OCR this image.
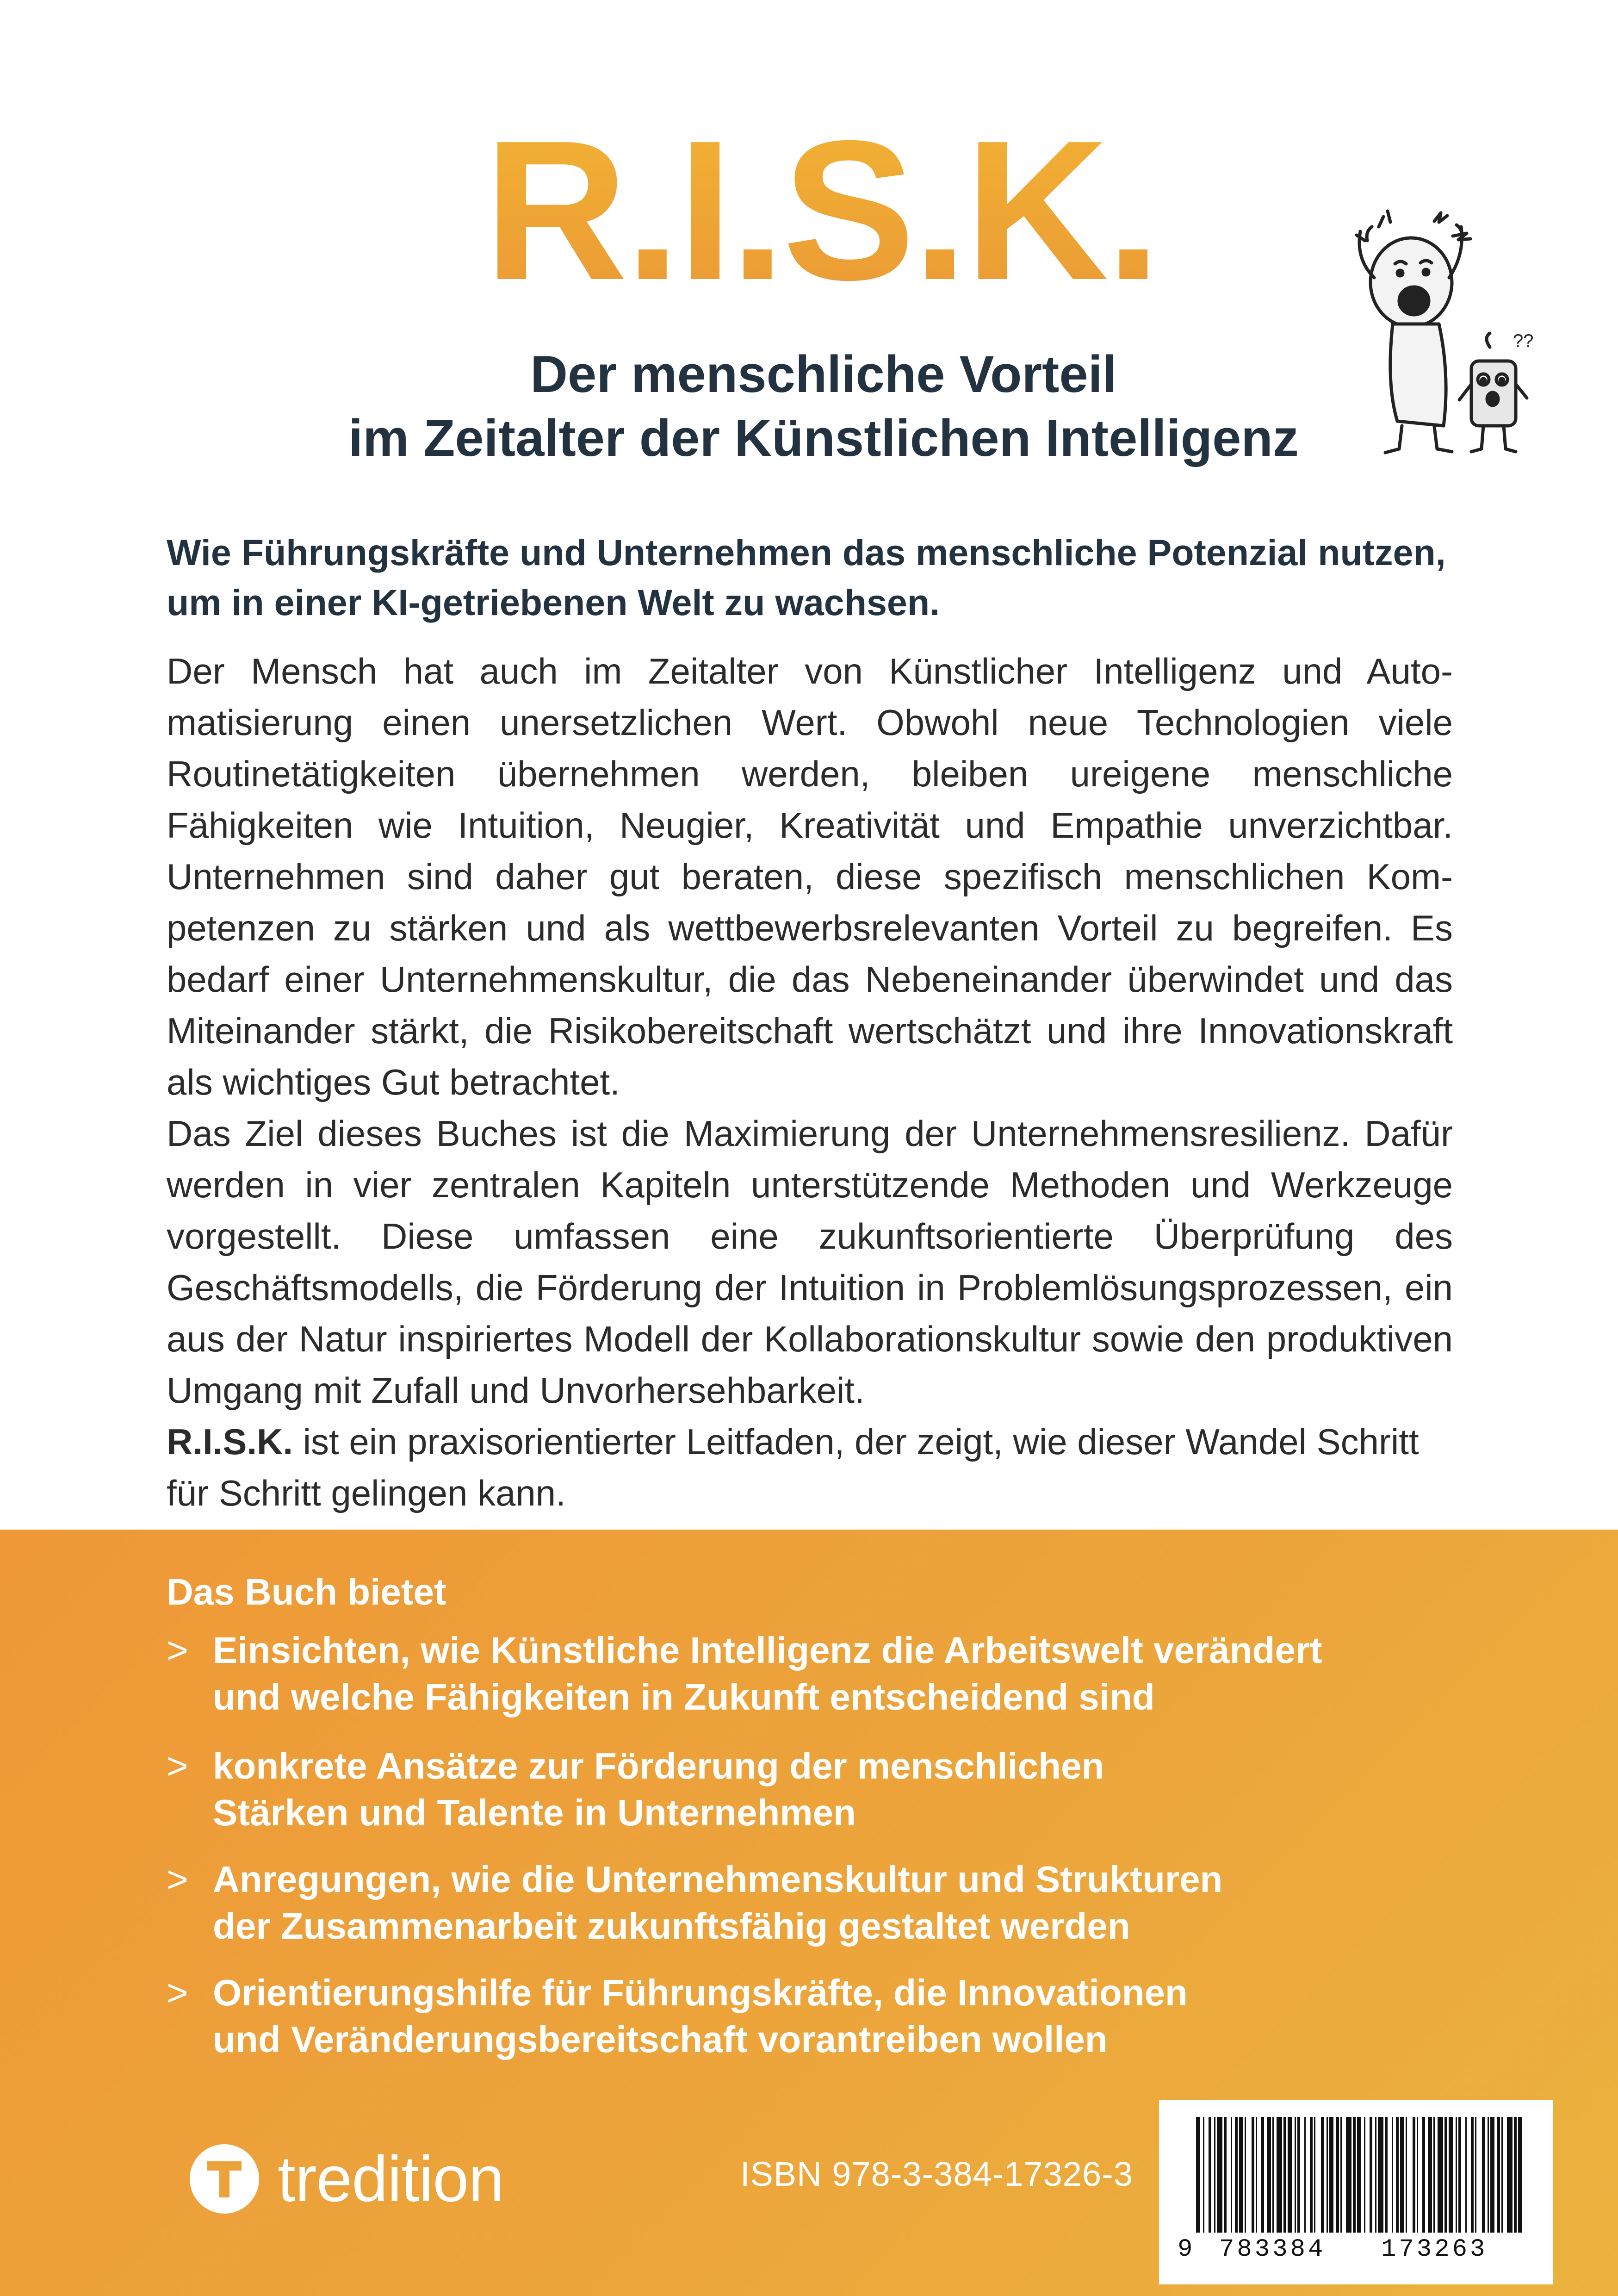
R.I.S.K.
Der menschliche Vorteil
im Zeitalter der Künstlichen Intelligenz
??
Wie Führungskräfte und Unternehmen das menschliche Potenzial nutzen,
um in einer KI-getriebenen Welt zu wachsen.

Der Mensch hat auch im Zeitalter von Künstlicher Intelligenz und Automatisierung einen unersetzlichen Wert. Obwohl neue Technologien viele Routinetätigkeiten übernehmen werden, bleiben ureigene menschliche Fähigkeiten wie Intuition, Neugier, Kreativität und Empathie unverzichtbar. Unternehmen sind daher gut beraten, diese spezifisch menschlichen Kompetenzen zu stärken und als wettbewerbsrelevanten Vorteil zu begreifen. Es bedarf einer Unternehmenskultur, die das Nebeneinander überwindet und das Miteinander stärkt, die Risikobereitschaft wertschätzt und ihre Innovationskraft als wichtiges Gut betrachtet.

Das Ziel dieses Buches ist die Maximierung der Unternehmensresilienz. Dafür werden in vier zentralen Kapiteln unterstützende Methoden und Werkzeuge vorgestellt. Diese umfassen eine zukunftsorientierte Überprüfung des Geschäftsmodells, die Förderung der Intuition in Problemlösungsprozessen, ein aus der Natur inspiriertes Modell der Kollaborationskultur sowie den produktiven Umgang mit Zufall und Unvorhersehbarkeit.

R.I.S.K. ist ein praxisorientierter Leitfaden, der zeigt, wie dieser Wandel Schritt für Schritt gelingen kann.

Das Buch bietet
> Einsichten, wie Künstliche Intelligenz die Arbeitswelt verändert
und welche Fähigkeiten in Zukunft entscheidend sind
> konkrete Ansätze zur Förderung der menschlichen
Stärken und Talente in Unternehmen
> Anregungen, wie die Unternehmenskultur und Strukturen
der Zusammenarbeit zukunftsfähig gestaltet werden
> Orientierungshilfe für Führungskräfte, die Innovationen
und Veränderungsbereitschaft vorantreiben wollen
tredition	ISBN 978-3-384-17326-3
9 783384 173263
